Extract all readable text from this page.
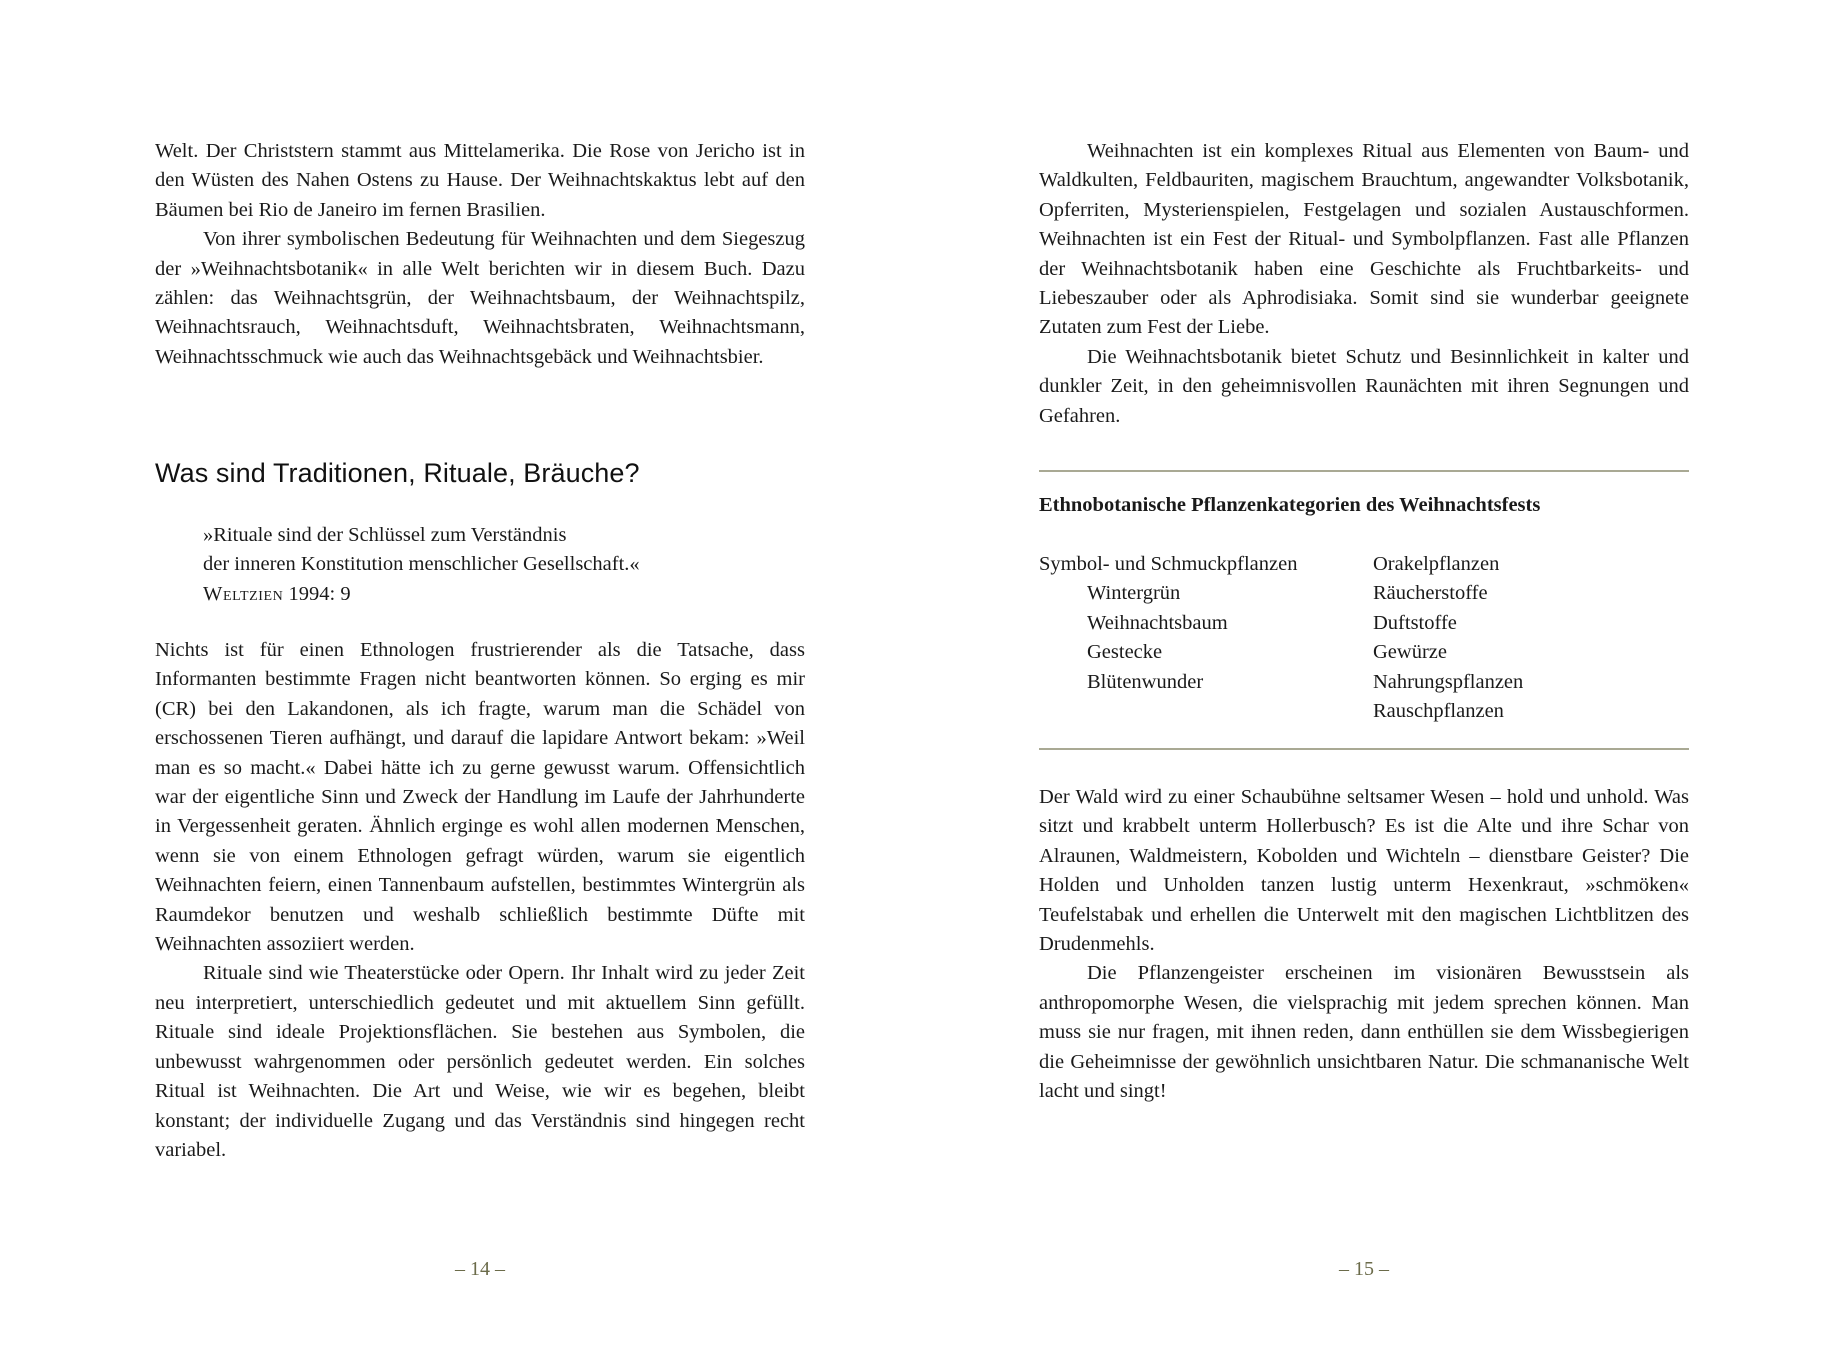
Welt. Der Christstern stammt aus Mittelamerika. Die Rose von Jericho ist in den Wüsten des Nahen Ostens zu Hause. Der Weihnachtskaktus lebt auf den Bäumen bei Rio de Janeiro im fernen Brasilien.

Von ihrer symbolischen Bedeutung für Weihnachten und dem Siegeszug der »Weihnachtsbotanik« in alle Welt berichten wir in diesem Buch. Dazu zählen: das Weihnachtsgrün, der Weihnachtsbaum, der Weihnachtspilz, Weihnachtsrauch, Weihnachtsduft, Weihnachtsbraten, Weihnachtsmann, Weihnachtsschmuck wie auch das Weihnachtsgebäck und Weihnachtsbier.

Was sind Traditionen, Rituale, Bräuche?
»Rituale sind der Schlüssel zum Verständnis
der inneren Konstitution menschlicher Gesellschaft.«
Weltzien 1994: 9

Nichts ist für einen Ethnologen frustrierender als die Tatsache, dass Informanten bestimmte Fragen nicht beantworten können. So erging es mir (CR) bei den Lakandonen, als ich fragte, warum man die Schädel von erschossenen Tieren aufhängt, und darauf die lapidare Antwort bekam: »Weil man es so macht.« Dabei hätte ich zu gerne gewusst warum. Offensichtlich war der eigentliche Sinn und Zweck der Handlung im Laufe der Jahrhunderte in Vergessenheit geraten. Ähnlich erginge es wohl allen modernen Menschen, wenn sie von einem Ethnologen gefragt würden, warum sie eigentlich Weihnachten feiern, einen Tannenbaum aufstellen, bestimmtes Wintergrün als Raumdekor benutzen und weshalb schließlich bestimmte Düfte mit Weihnachten assoziiert werden.

Rituale sind wie Theaterstücke oder Opern. Ihr Inhalt wird zu jeder Zeit neu interpretiert, unterschiedlich gedeutet und mit aktuellem Sinn gefüllt. Rituale sind ideale Projektionsflächen. Sie bestehen aus Symbolen, die unbewusst wahrgenommen oder persönlich gedeutet werden. Ein solches Ritual ist Weihnachten. Die Art und Weise, wie wir es begehen, bleibt konstant; der individuelle Zugang und das Verständnis sind hingegen recht variabel.

– 14 –

Weihnachten ist ein komplexes Ritual aus Elementen von Baum- und Waldkulten, Feldbauriten, magischem Brauchtum, angewandter Volksbotanik, Opferriten, Mysterienspielen, Festgelagen und sozialen Austauschformen. Weihnachten ist ein Fest der Ritual- und Symbolpflanzen. Fast alle Pflanzen der Weihnachtsbotanik haben eine Geschichte als Fruchtbarkeits- und Liebeszauber oder als Aphrodisiaka. Somit sind sie wunderbar geeignete Zutaten zum Fest der Liebe.

Die Weihnachtsbotanik bietet Schutz und Besinnlichkeit in kalter und dunkler Zeit, in den geheimnisvollen Raunächten mit ihren Segnungen und Gefahren.

Ethnobotanische Pflanzenkategorien des Weihnachtsfests
Symbol- und Schmuckpflanzen
Wintergrün
Weihnachtsbaum
Gestecke
Blütenwunder
Orakelpflanzen
Räucherstoffe
Duftstoffe
Gewürze
Nahrungspflanzen
Rauschpflanzen

Der Wald wird zu einer Schaubühne seltsamer Wesen – hold und unhold. Was sitzt und krabbelt unterm Hollerbusch? Es ist die Alte und ihre Schar von Alraunen, Waldmeistern, Kobolden und Wichteln – dienstbare Geister? Die Holden und Unholden tanzen lustig unterm Hexenkraut, »schmöken« Teufelstabak und erhellen die Unterwelt mit den magischen Lichtblitzen des Drudenmehls.

Die Pflanzengeister erscheinen im visionären Bewusstsein als anthropomorphe Wesen, die vielsprachig mit jedem sprechen können. Man muss sie nur fragen, mit ihnen reden, dann enthüllen sie dem Wissbegierigen die Geheimnisse der gewöhnlich unsichtbaren Natur. Die schmananische Welt lacht und singt!

– 15 –
